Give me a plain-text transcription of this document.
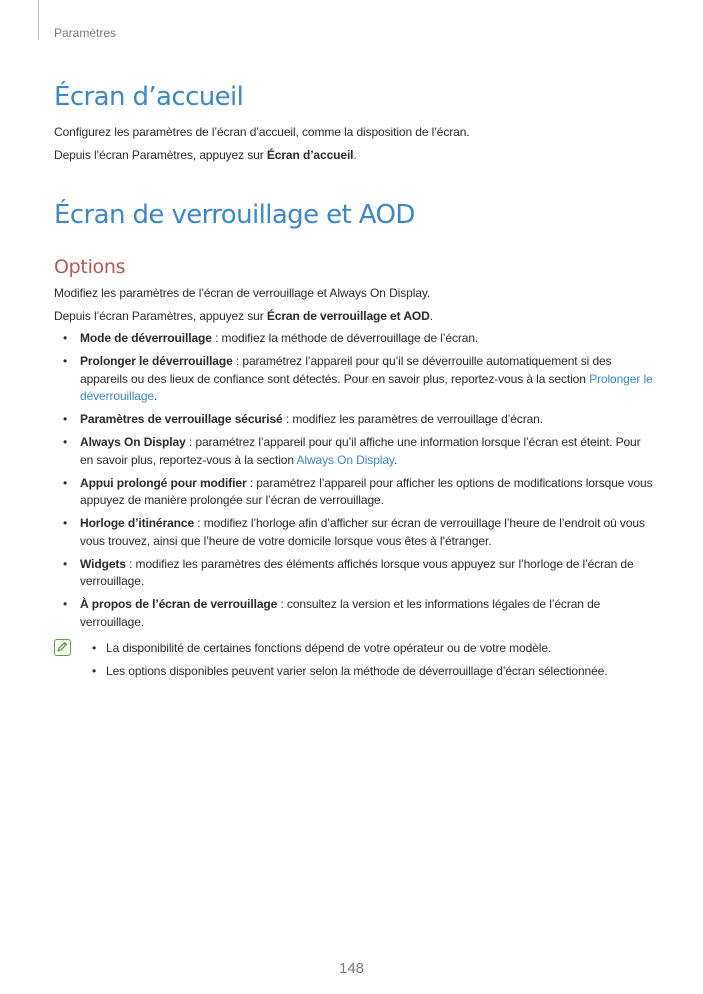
Paramètres
Écran d’accueil

Configurez les paramètres de l’écran d’accueil, comme la disposition de l’écran.

Depuis l’écran Paramètres, appuyez sur Écran d’accueil.

Écran de verrouillage et AOD
Options

Modifiez les paramètres de l’écran de verrouillage et Always On Display.

Depuis l’écran Paramètres, appuyez sur Écran de verrouillage et AOD.

• Mode de déverrouillage : modifiez la méthode de déverrouillage de l’écran.
• Prolonger le déverrouillage : paramétrez l’appareil pour qu’il se déverrouille automatiquement si des appareils ou des lieux de confiance sont détectés. Pour en savoir plus, reportez-vous à la section Prolonger le déverrouillage.
• Paramètres de verrouillage sécurisé : modifiez les paramètres de verrouillage d’écran.
• Always On Display : paramétrez l’appareil pour qu’il affiche une information lorsque l’écran est éteint. Pour en savoir plus, reportez-vous à la section Always On Display.
• Appui prolongé pour modifier : paramétrez l’appareil pour afficher les options de modifications lorsque vous appuyez de manière prolongée sur l’écran de verrouillage.
• Horloge d’itinérance : modifiez l’horloge afin d’afficher sur écran de verrouillage l’heure de l’endroit où vous vous trouvez, ainsi que l’heure de votre domicile lorsque vous êtes à l’étranger.
• Widgets : modifiez les paramètres des éléments affichés lorsque vous appuyez sur l’horloge de l’écran de verrouillage.
• À propos de l’écran de verrouillage : consultez la version et les informations légales de l’écran de verrouillage.
• La disponibilité de certaines fonctions dépend de votre opérateur ou de votre modèle.
• Les options disponibles peuvent varier selon la méthode de déverrouillage d’écran sélectionnée.
148
